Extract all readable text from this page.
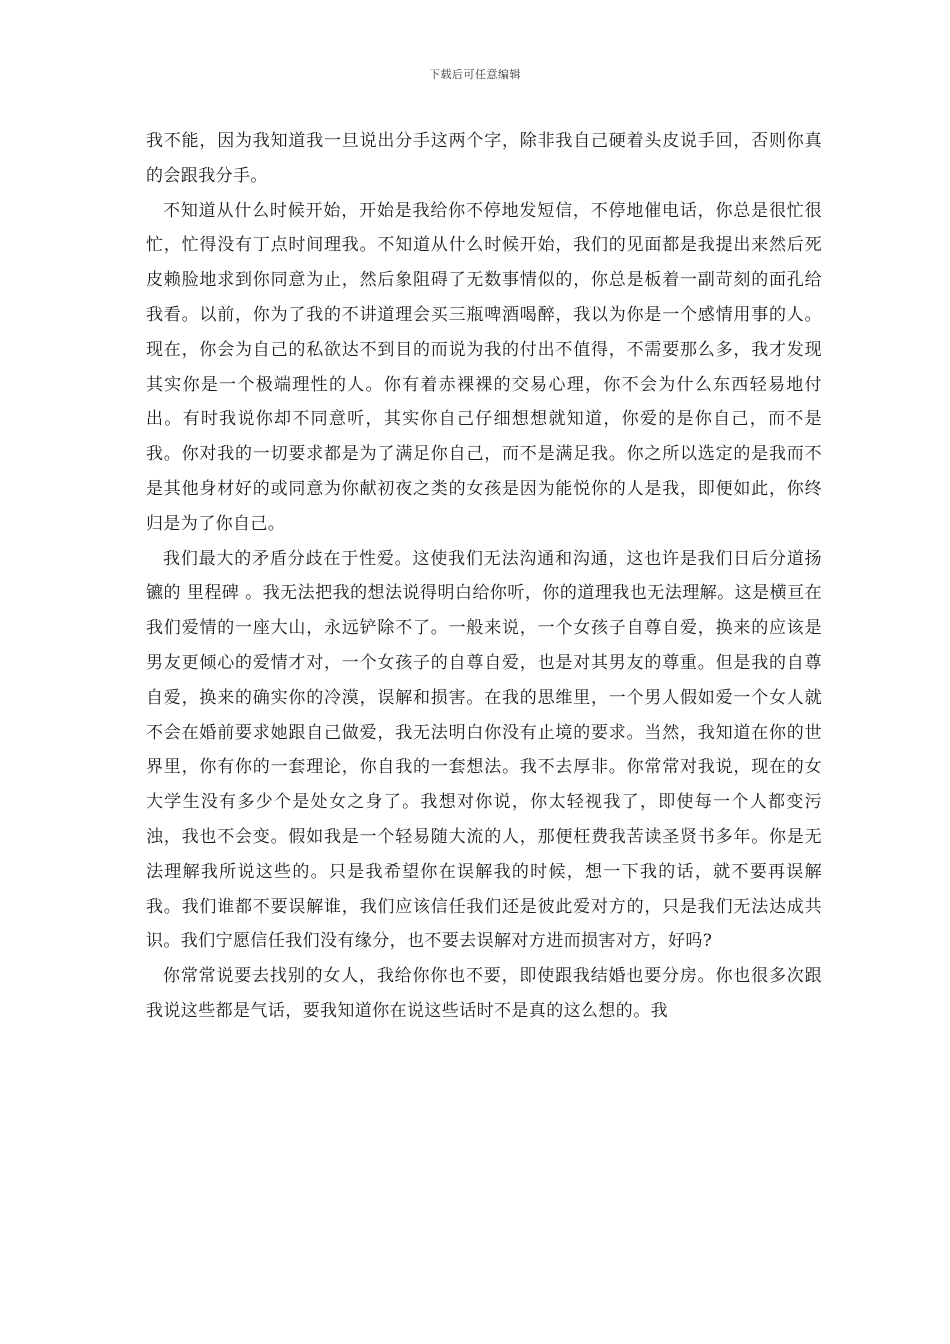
下载后可任意编辑

我不能，因为我知道我一旦说出分手这两个字，除非我自己硬着头皮说手回，否则你真的会跟我分手。

不知道从什么时候开始，开始是我给你不停地发短信，不停地催电话，你总是很忙很忙，忙得没有丁点时间理我。不知道从什么时候开始，我们的见面都是我提出来然后死皮赖脸地求到你同意为止，然后象阻碍了无数事情似的，你总是板着一副苛刻的面孔给我看。以前，你为了我的不讲道理会买三瓶啤酒喝醉，我以为你是一个感情用事的人。现在，你会为自己的私欲达不到目的而说为我的付出不值得，不需要那么多，我才发现其实你是一个极端理性的人。你有着赤裸裸的交易心理，你不会为什么东西轻易地付出。有时我说你却不同意听，其实你自己仔细想想就知道，你爱的是你自己，而不是我。你对我的一切要求都是为了满足你自己，而不是满足我。你之所以选定的是我而不是其他身材好的或同意为你献初夜之类的女孩是因为能悦你的人是我，即便如此，你终归是为了你自己。

我们最大的矛盾分歧在于性爱。这使我们无法沟通和沟通，这也许是我们日后分道扬镳的 里程碑 。我无法把我的想法说得明白给你听，你的道理我也无法理解。这是横亘在我们爱情的一座大山，永远铲除不了。一般来说，一个女孩子自尊自爱，换来的应该是男友更倾心的爱情才对，一个女孩子的自尊自爱，也是对其男友的尊重。但是我的自尊自爱，换来的确实你的冷漠，误解和损害。在我的思维里，一个男人假如爱一个女人就不会在婚前要求她跟自己做爱，我无法明白你没有止境的要求。当然，我知道在你的世界里，你有你的一套理论，你自我的一套想法。我不去厚非。你常常对我说，现在的女大学生没有多少个是处女之身了。我想对你说，你太轻视我了，即使每一个人都变污浊，我也不会变。假如我是一个轻易随大流的人，那便枉费我苦读圣贤书多年。你是无法理解我所说这些的。只是我希望你在误解我的时候，想一下我的话，就不要再误解我。我们谁都不要误解谁，我们应该信任我们还是彼此爱对方的，只是我们无法达成共识。我们宁愿信任我们没有缘分，也不要去误解对方进而损害对方，好吗?

你常常说要去找别的女人，我给你你也不要，即使跟我结婚也要分房。你也很多次跟我说这些都是气话，要我知道你在说这些话时不是真的这么想的。我
